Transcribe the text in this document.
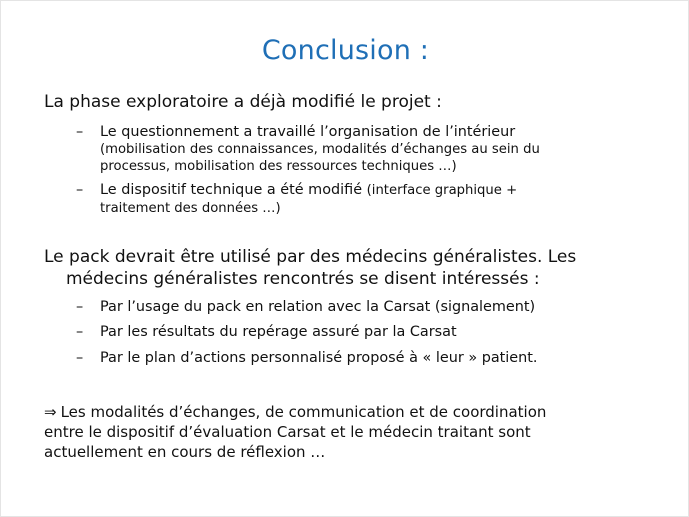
Conclusion :
La phase exploratoire a déjà modifié le projet :
– Le questionnement a travaillé l’organisation de l’intérieur
(mobilisation des connaissances, modalités d’échanges au sein du
processus, mobilisation des ressources techniques …)
– Le dispositif technique a été modifié (interface graphique +
traitement des données …)
Le pack devrait être utilisé par des médecins généralistes. Les
médecins généralistes rencontrés se disent intéressés :
– Par l’usage du pack en relation avec la Carsat (signalement)
– Par les résultats du repérage assuré par la Carsat
– Par le plan d’actions personnalisé proposé à « leur » patient.
⇒ Les modalités d’échanges, de communication et de coordination
entre le dispositif d’évaluation Carsat et le médecin traitant sont
actuellement en cours de réflexion …
